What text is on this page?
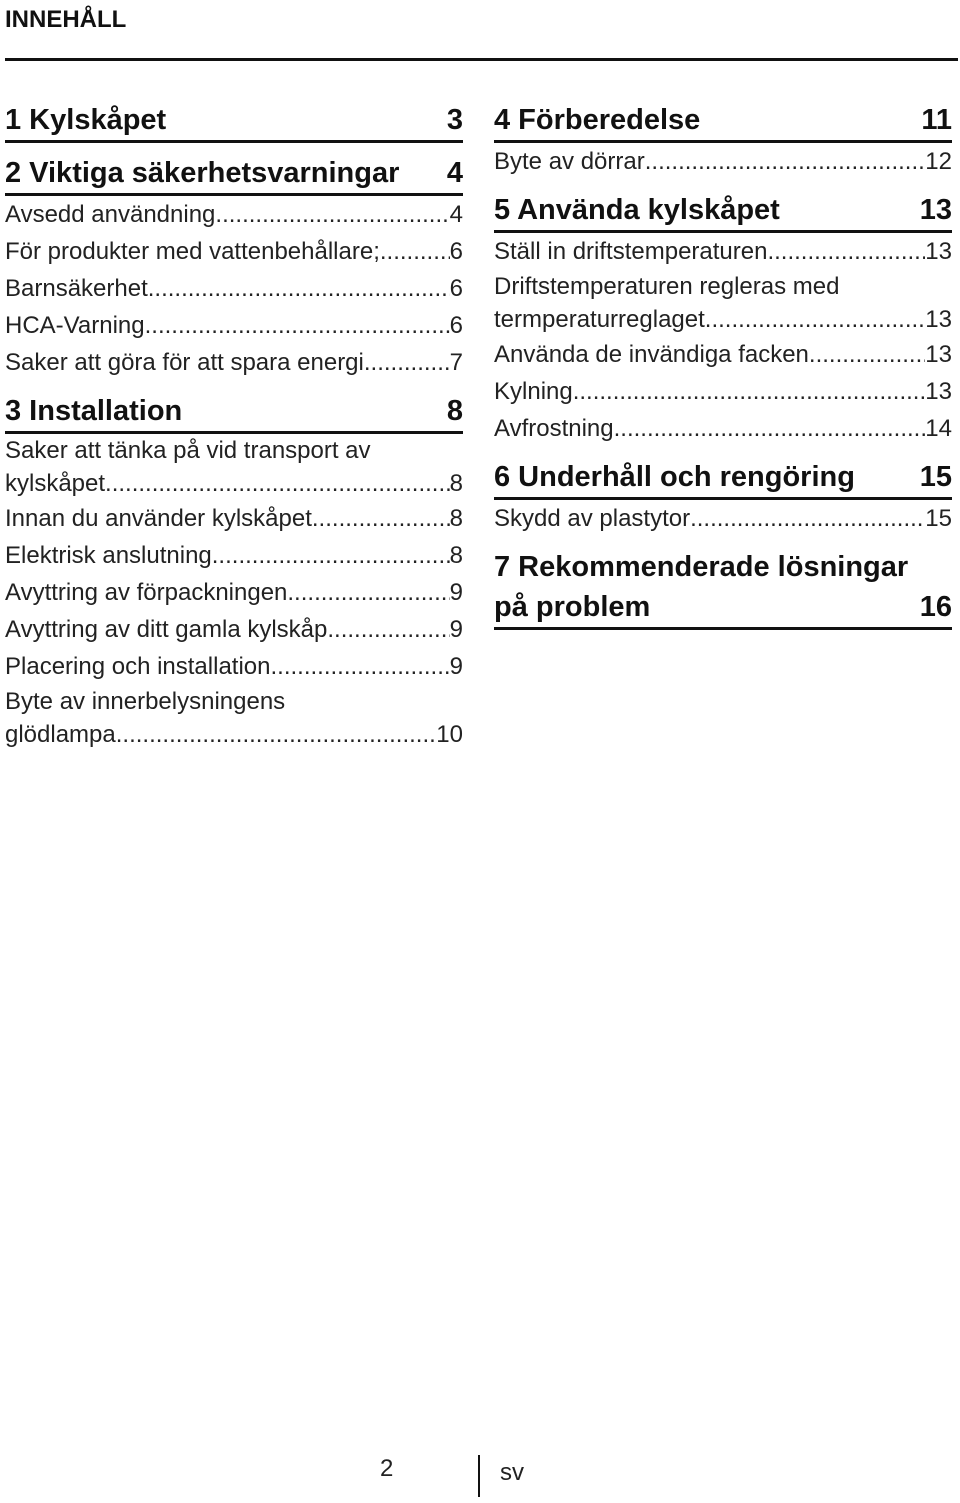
INNEHÅLL
1 Kylskåpet	3
2 Viktiga säkerhetsvarningar	4
Avsedd användning .....	4
För produkter med vattenbehållare; .....	6
Barnsäkerhet .....	6
HCA-Varning .....	6
Saker att göra för att spara energi .....	7
3 Installation	8
Saker att tänka på vid transport av
kylskåpet .....	8
Innan du använder kylskåpet .....	8
Elektrisk anslutning .....	8
Avyttring av förpackningen .....	9
Avyttring av ditt gamla kylskåp .....	9
Placering och installation .....	9
Byte av innerbelysningens
glödlampa .....	10
4 Förberedelse	11
Byte av dörrar .....	12
5 Använda kylskåpet	13
Ställ in driftstemperaturen .....	13
Driftstemperaturen regleras med
termperaturreglaget. .....	13
Använda de invändiga facken .....	13
Kylning .....	13
Avfrostning .....	14
6 Underhåll och rengöring	15
Skydd av plastytor .....	15
7 Rekommenderade lösningar på problem	16
2	sv
